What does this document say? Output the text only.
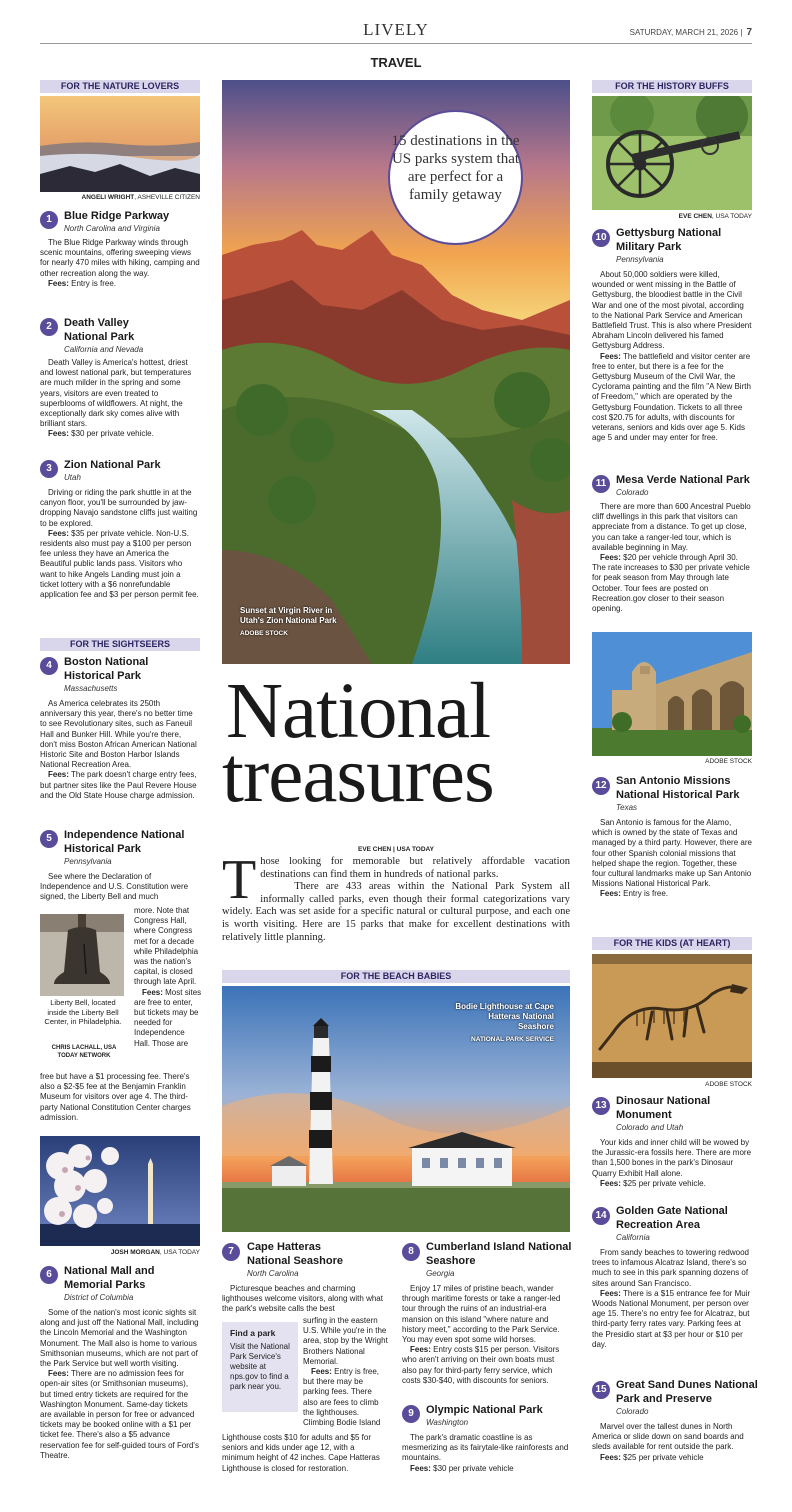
LIVELY	SATURDAY, MARCH 21, 2026 | 7
TRAVEL
FOR THE NATURE LOVERS
ANGELI WRIGHT, ASHEVILLE CITIZEN
1	Blue Ridge Parkway
North Carolina and Virginia

The Blue Ridge Parkway winds through scenic mountains, offering sweeping views for nearly 470 miles with hiking, camping and other recreation along the way.

Fees: Entry is free.

2	Death Valley National Park
California and Nevada

Death Valley is America's hottest, driest and lowest national park, but temperatures are much milder in the spring and some years, visitors are even treated to superblooms of wildflowers. At night, the exceptionally dark sky comes alive with brilliant stars.

Fees: $30 per private vehicle.

3	Zion National Park
Utah

Driving or riding the park shuttle in at the canyon floor, you'll be surrounded by jaw-dropping Navajo sandstone cliffs just waiting to be explored.

Fees: $35 per private vehicle. Non-U.S. residents also must pay a $100 per person fee unless they have an America the Beautiful public lands pass. Visitors who want to hike Angels Landing must join a ticket lottery with a $6 nonrefundable application fee and $3 per person permit fee.

FOR THE SIGHTSEERS
4	Boston National Historical Park
Massachusetts

As America celebrates its 250th anniversary this year, there's no better time to see Revolutionary sites, such as Faneuil Hall and Bunker Hill. While you're there, don't miss Boston African American National Historic Site and Boston Harbor Islands National Recreation Area.

Fees: The park doesn't charge entry fees, but partner sites like the Paul Revere House and the Old State House charge admission.

5	Independence National Historical Park
Pennsylvania

See where the Declaration of Independence and U.S. Constitution were signed, the Liberty Bell and much

Liberty Bell, located inside the Liberty Bell Center, in Philadelphia.
CHRIS LACHALL, USA TODAY NETWORK

more. Note that Congress Hall, where Congress met for a decade while Philadelphia was the nation's capital, is closed through late April.

Fees: Most sites are free to enter, but tickets may be needed for Independence Hall. Those are

free but have a $1 processing fee. There's also a $2-$5 fee at the Benjamin Franklin Museum for visitors over age 4. The third-party National Constitution Center charges admission.

JOSH MORGAN, USA TODAY
6	National Mall and Memorial Parks
District of Columbia

Some of the nation's most iconic sights sit along and just off the National Mall, including the Lincoln Memorial and the Washington Monument. The Mall also is home to various Smithsonian museums, which are not part of the Park Service but well worth visiting.

Fees: There are no admission fees for open-air sites (or Smithsonian museums), but timed entry tickets are required for the Washington Monument. Same-day tickets are available in person for free or advanced tickets may be booked online with a $1 per ticket fee. There's also a $5 advance reservation fee for self-guided tours of Ford's Theatre.

15 destinations in the US parks system that are perfect for a family getaway
Sunset at Virgin River in Utah's Zion National Park
ADOBE STOCK
National
treasures
EVE CHEN | USA TODAY
T hose looking for memorable but relatively affordable vacation destinations can find them in hundreds of national parks.
There are 433 areas within the National Park System all informally called parks, even though their formal categorizations vary widely. Each was set aside for a specific natural or cultural purpose, and each one is worth visiting. Here are 15 parks that make for excellent destinations with relatively little planning.
FOR THE BEACH BABIES
Bodie Lighthouse at Cape Hatteras National Seashore
NATIONAL PARK SERVICE
7	Cape Hatteras National Seashore
North Carolina

Picturesque beaches and charming lighthouses welcome visitors, along with what the park's website calls the best

Find a park
Visit the National Park Service's website at nps.gov to find a park near you.

surfing in the eastern U.S. While you're in the area, stop by the Wright Brothers National Memorial.

Fees: Entry is free, but there may be parking fees. There also are fees to climb the lighthouses. Climbing Bodie Island

Lighthouse costs $10 for adults and $5 for seniors and kids under age 12, with a minimum height of 42 inches. Cape Hatteras Lighthouse is closed for restoration.

8	Cumberland Island National Seashore
Georgia

Enjoy 17 miles of pristine beach, wander through maritime forests or take a ranger-led tour through the ruins of an industrial-era mansion on this island "where nature and history meet," according to the Park Service. You may even spot some wild horses.

Fees: Entry costs $15 per person. Visitors who aren't arriving on their own boats must also pay for third-party ferry service, which costs $30-$40, with discounts for seniors.

9	Olympic National Park
Washington

The park's dramatic coastline is as mesmerizing as its fairytale-like rainforests and mountains.

Fees: $30 per private vehicle

FOR THE HISTORY BUFFS
EVE CHEN, USA TODAY
10 Gettysburg National Military Park
Pennsylvania

About 50,000 soldiers were killed, wounded or went missing in the Battle of Gettysburg, the bloodiest battle in the Civil War and one of the most pivotal, according to the National Park Service and American Battlefield Trust. This is also where President Abraham Lincoln delivered his famed Gettysburg Address.

Fees: The battlefield and visitor center are free to enter, but there is a fee for the Gettysburg Museum of the Civil War, the Cyclorama painting and the film "A New Birth of Freedom," which are operated by the Gettysburg Foundation. Tickets to all three cost $20.75 for adults, with discounts for veterans, seniors and kids over age 5. Kids age 5 and under may enter for free.

11 Mesa Verde National Park
Colorado

There are more than 600 Ancestral Pueblo cliff dwellings in this park that visitors can appreciate from a distance. To get up close, you can take a ranger-led tour, which is available beginning in May.

Fees: $20 per vehicle through April 30. The rate increases to $30 per private vehicle for peak season from May through late October. Tour fees are posted on Recreation.gov closer to their season opening.

ADOBE STOCK
12 San Antonio Missions National Historical Park
Texas

San Antonio is famous for the Alamo, which is owned by the state of Texas and managed by a third party. However, there are four other Spanish colonial missions that helped shape the region. Together, these four cultural landmarks make up San Antonio Missions National Historical Park.

Fees: Entry is free.

FOR THE KIDS (AT HEART)
ADOBE STOCK
13 Dinosaur National Monument
Colorado and Utah

Your kids and inner child will be wowed by the Jurassic-era fossils here. There are more than 1,500 bones in the park's Dinosaur Quarry Exhibit Hall alone.

Fees: $25 per private vehicle.

14 Golden Gate National Recreation Area
California

From sandy beaches to towering redwood trees to infamous Alcatraz Island, there's so much to see in this park spanning dozens of sites around San Francisco.

Fees: There is a $15 entrance fee for Muir Woods National Monument, per person over age 15. There's no entry fee for Alcatraz, but third-party ferry rates vary. Parking fees at the Presidio start at $3 per hour or $10 per day.

15 Great Sand Dunes National Park and Preserve
Colorado

Marvel over the tallest dunes in North America or slide down on sand boards and sleds available for rent outside the park.

Fees: $25 per private vehicle
